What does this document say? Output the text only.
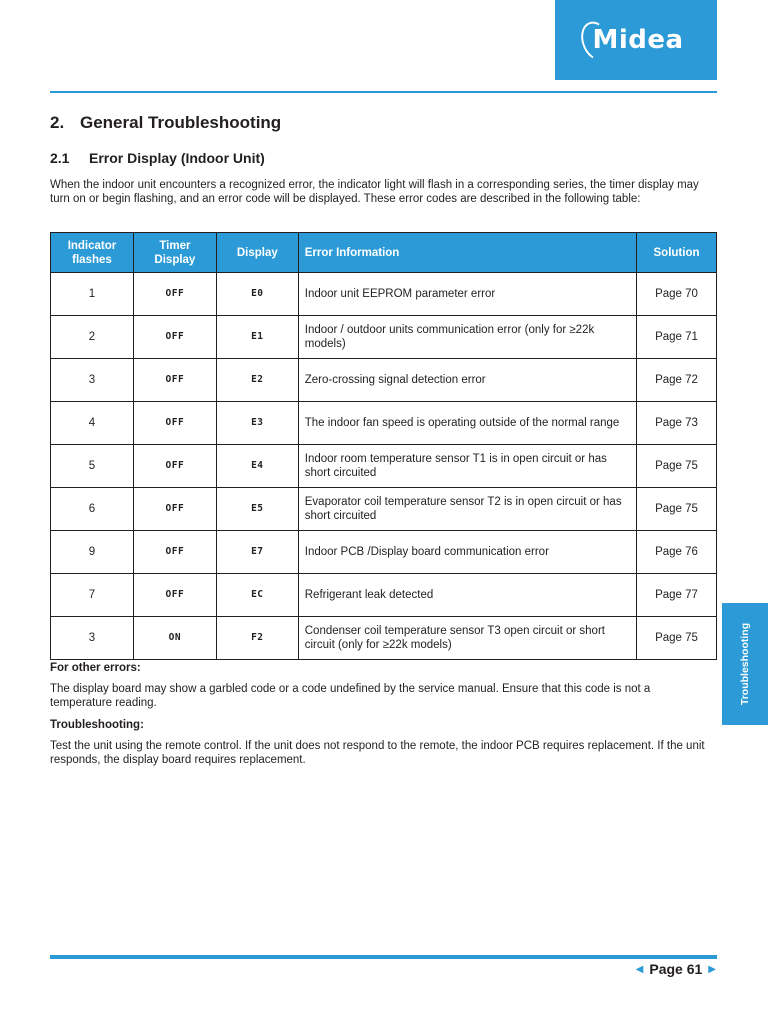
Midea
2. General Troubleshooting
2.1 Error Display (Indoor Unit)

When the indoor unit encounters a recognized error, the indicator light will flash in a corresponding series, the timer display may turn on or begin flashing, and an error code will be displayed. These error codes are described in the following table:

Indicator flashes	Timer Display	Display	Error Information	Solution
1	OFF	E0	Indoor unit EEPROM parameter error	Page 70
2	OFF	E1	Indoor / outdoor units communication error (only for ≥22k models)	Page 71
3	OFF	E2	Zero-crossing signal detection error	Page 72
4	OFF	E3	The indoor fan speed is operating outside of the normal range	Page 73
5	OFF	E4	Indoor room temperature sensor T1 is in open circuit or has short circuited	Page 75
6	OFF	E5	Evaporator coil temperature sensor T2 is in open circuit or has short circuited	Page 75
9	OFF	E7	Indoor PCB /Display board communication error	Page 76
7	OFF	EC	Refrigerant leak detected	Page 77
3	ON	F2	Condenser coil temperature sensor T3 open circuit or short circuit (only for ≥22k models)	Page 75

For other errors:

The display board may show a garbled code or a code undefined by the service manual. Ensure that this code is not a temperature reading.

Troubleshooting:

Test the unit using the remote control. If the unit does not respond to the remote, the indoor PCB requires replacement. If the unit responds, the display board requires replacement.

Troubleshooting
◀ Page 61 ▶
